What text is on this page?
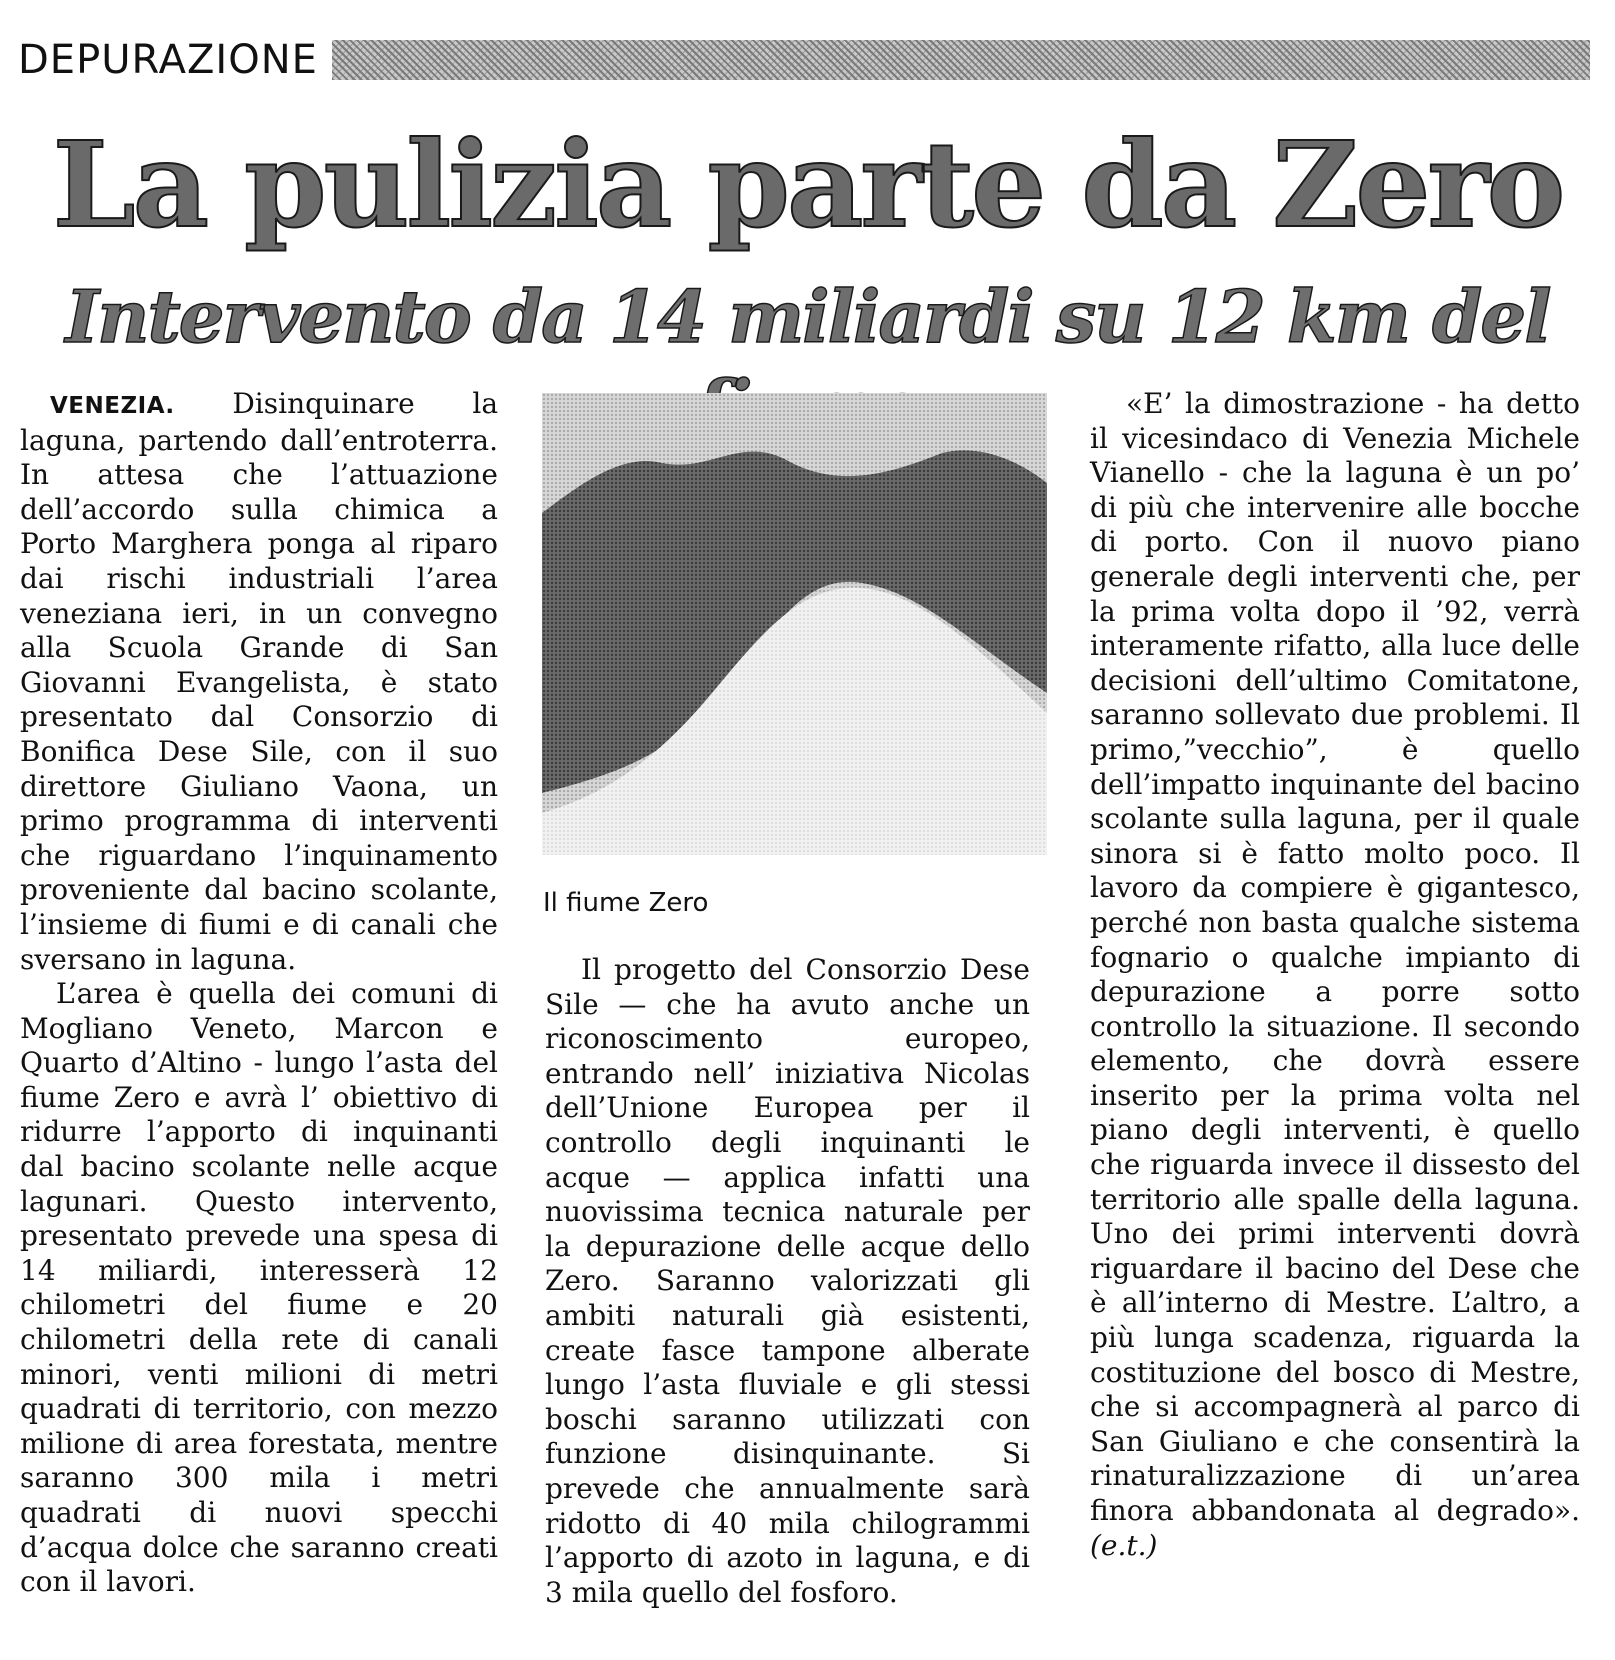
DEPURAZIONE
La pulizia parte da Zero
Intervento da 14 miliardi su 12 km del

VENEZIA. Disinquinare la laguna, partendo dall’entroterra. In attesa che l’attuazione dell’accordo sulla chimica a Porto Marghera ponga al riparo dai rischi industriali l’area veneziana ieri, in un convegno alla Scuola Grande di San Giovanni Evangelista, è stato presentato dal Consorzio di Bonifica Dese Sile, con il suo direttore Giuliano Vaona, un primo programma di interventi che riguardano l’inquinamento proveniente dal bacino scolante, l’insieme di fiumi e di canali che sversano in laguna.

L’area è quella dei comuni di Mogliano Veneto, Marcon e Quarto d’Altino - lungo l’asta del fiume Zero e avrà l’ obiettivo di ridurre l’apporto di inquinanti dal bacino scolante nelle acque lagunari. Questo intervento, presentato prevede una spesa di 14 miliardi, interesserà 12 chilometri del fiume e 20 chilometri della rete di canali minori, venti milioni di metri quadrati di territorio, con mezzo milione di area forestata, mentre saranno 300 mila i metri quadrati di nuovi specchi d’acqua dolce che saranno creati con il lavori.

Il fiume Zero

Il progetto del Consorzio Dese Sile — che ha avuto anche un riconoscimento europeo, entrando nell’ iniziativa Nicolas dell’Unione Europea per il controllo degli inquinanti le acque — applica infatti una nuovissima tecnica naturale per la depurazione delle acque dello Zero. Saranno valorizzati gli ambiti naturali già esistenti, create fasce tampone alberate lungo l’asta fluviale e gli stessi boschi saranno utilizzati con funzione disinquinante. Si prevede che annualmente sarà ridotto di 40 mila chilogrammi l’apporto di azoto in laguna, e di 3 mila quello del fosforo.

«E’ la dimostrazione - ha detto il vicesindaco di Venezia Michele Vianello - che la laguna è un po’ di più che intervenire alle bocche di porto. Con il nuovo piano generale degli interventi che, per la prima volta dopo il ’92, verrà interamente rifatto, alla luce delle decisioni dell’ultimo Comitatone, saranno sollevato due problemi. Il primo,”vecchio”, è quello dell’impatto inquinante del bacino scolante sulla laguna, per il quale sinora si è fatto molto poco. Il lavoro da compiere è gigantesco, perché non basta qualche sistema fognario o qualche impianto di depurazione a porre sotto controllo la situazione. Il secondo elemento, che dovrà essere inserito per la prima volta nel piano degli interventi, è quello che riguarda invece il dissesto del territorio alle spalle della laguna. Uno dei primi interventi dovrà riguardare il bacino del Dese che è all’interno di Mestre. L’altro, a più lunga scadenza, riguarda la costituzione del bosco di Mestre, che si accompagnerà al parco di San Giuliano e che consentirà la rinaturalizzazione di un’area finora abbandonata al degrado». (e.t.)
